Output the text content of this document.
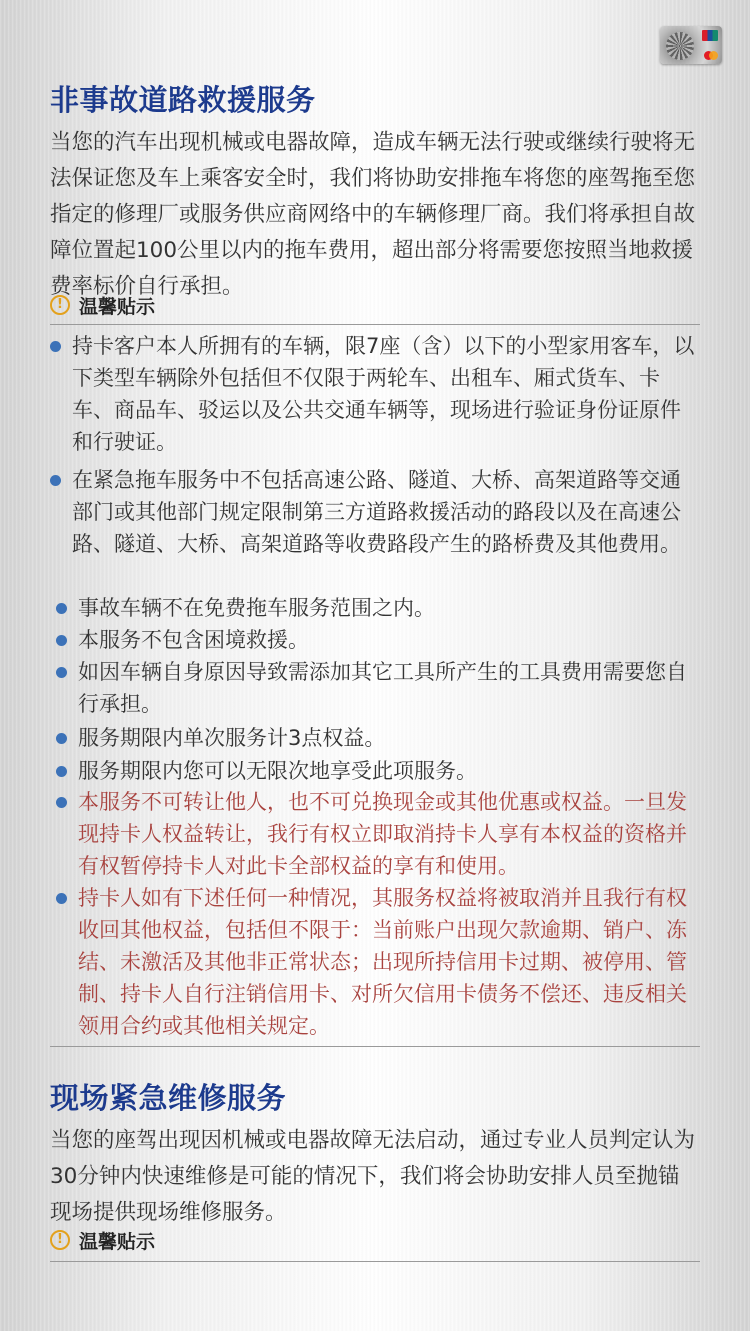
非事故道路救援服务
当您的汽车出现机械或电器故障，造成车辆无法行驶或继续行驶将无法保证您及车上乘客安全时，我们将协助安排拖车将您的座驾拖至您指定的修理厂或服务供应商网络中的车辆修理厂商。我们将承担自故障位置起100公里以内的拖车费用，超出部分将需要您按照当地救援费率标价自行承担。
! 温馨贴示
持卡客户本人所拥有的车辆，限7座（含）以下的小型家用客车，以下类型车辆除外包括但不仅限于两轮车、出租车、厢式货车、卡车、商品车、驳运以及公共交通车辆等，现场进行验证身份证原件和行驶证。
在紧急拖车服务中不包括高速公路、隧道、大桥、高架道路等交通部门或其他部门规定限制第三方道路救援活动的路段以及在高速公路、隧道、大桥、高架道路等收费路段产生的路桥费及其他费用。
事故车辆不在免费拖车服务范围之内。
本服务不包含困境救援。
如因车辆自身原因导致需添加其它工具所产生的工具费用需要您自行承担。
服务期限内单次服务计3点权益。
服务期限内您可以无限次地享受此项服务。
本服务不可转让他人，也不可兑换现金或其他优惠或权益。一旦发现持卡人权益转让，我行有权立即取消持卡人享有本权益的资格并有权暂停持卡人对此卡全部权益的享有和使用。
持卡人如有下述任何一种情况，其服务权益将被取消并且我行有权收回其他权益，包括但不限于：当前账户出现欠款逾期、销户、冻结、未激活及其他非正常状态；出现所持信用卡过期、被停用、管制、持卡人自行注销信用卡、对所欠信用卡债务不偿还、违反相关领用合约或其他相关规定。
现场紧急维修服务
当您的座驾出现因机械或电器故障无法启动，通过专业人员判定认为30分钟内快速维修是可能的情况下，我们将会协助安排人员至抛锚现场提供现场维修服务。
! 温馨贴示
